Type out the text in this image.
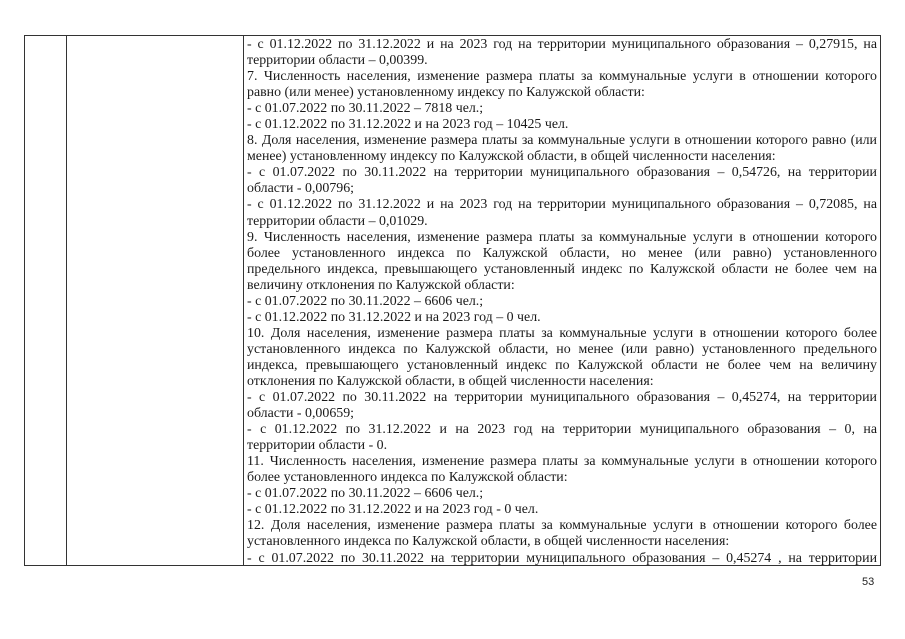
- с 01.12.2022 по 31.12.2022 и на 2023 год на территории муниципального образования – 0,27915, на
территории области – 0,00399.
7. Численность населения, изменение размера платы за коммунальные услуги в отношении которого
равно (или менее) установленному индексу по Калужской области:
- с 01.07.2022 по 30.11.2022 – 7818 чел.;
- с 01.12.2022 по 31.12.2022 и на 2023 год – 10425 чел.
8. Доля населения, изменение размера платы за коммунальные услуги в отношении которого равно (или
менее) установленному индексу по Калужской области, в общей численности населения:
- с 01.07.2022 по 30.11.2022 на территории муниципального образования – 0,54726, на территории
области - 0,00796;
- с 01.12.2022 по 31.12.2022 и на 2023 год на территории муниципального образования – 0,72085, на
территории области – 0,01029.
9. Численность населения, изменение размера платы за коммунальные услуги в отношении которого
более установленного индекса по Калужской области, но менее (или равно) установленного
предельного индекса, превышающего установленный индекс по Калужской области не более чем на
величину отклонения по Калужской области:
- с 01.07.2022 по 30.11.2022 – 6606 чел.;
- с 01.12.2022 по 31.12.2022 и на 2023 год – 0 чел.
10. Доля населения, изменение размера платы за коммунальные услуги в отношении которого более
установленного индекса по Калужской области, но менее (или равно) установленного предельного
индекса, превышающего установленный индекс по Калужской области не более чем на величину
отклонения по Калужской области, в общей численности населения:
- с 01.07.2022 по 30.11.2022 на территории муниципального образования – 0,45274, на территории
области - 0,00659;
- с 01.12.2022 по 31.12.2022 и на 2023 год на территории муниципального образования – 0, на
территории области - 0.
11. Численность населения, изменение размера платы за коммунальные услуги в отношении которого
более установленного индекса по Калужской области:
- с 01.07.2022 по 30.11.2022 – 6606 чел.;
- с 01.12.2022 по 31.12.2022 и на 2023 год - 0 чел.
12. Доля населения, изменение размера платы за коммунальные услуги в отношении которого более
установленного индекса по Калужской области, в общей численности населения:
- с 01.07.2022 по 30.11.2022 на территории муниципального образования – 0,45274 , на территории
53
